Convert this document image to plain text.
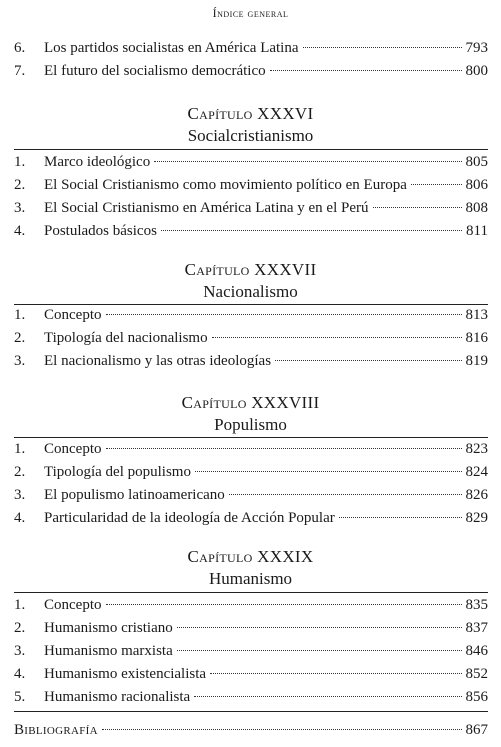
Índice general
6.	Los partidos socialistas en América Latina	793
7.	El futuro del socialismo democrático	800
Capítulo XXXVI
Socialcristianismo
1.	Marco ideológico	805
2.	El Social Cristianismo como movimiento político en Europa	806
3.	El Social Cristianismo en América Latina y en el Perú	808
4.	Postulados básicos	811
Capítulo XXXVII
Nacionalismo
1.	Concepto	813
2.	Tipología del nacionalismo	816
3.	El nacionalismo y las otras ideologías	819
Capítulo XXXVIII
Populismo
1.	Concepto	823
2.	Tipología del populismo	824
3.	El populismo latinoamericano	826
4.	Particularidad de la ideología de Acción Popular	829
Capítulo XXXIX
Humanismo
1.	Concepto	835
2.	Humanismo cristiano	837
3.	Humanismo marxista	846
4.	Humanismo existencialista	852
5.	Humanismo racionalista	856
Bibliografía	867
